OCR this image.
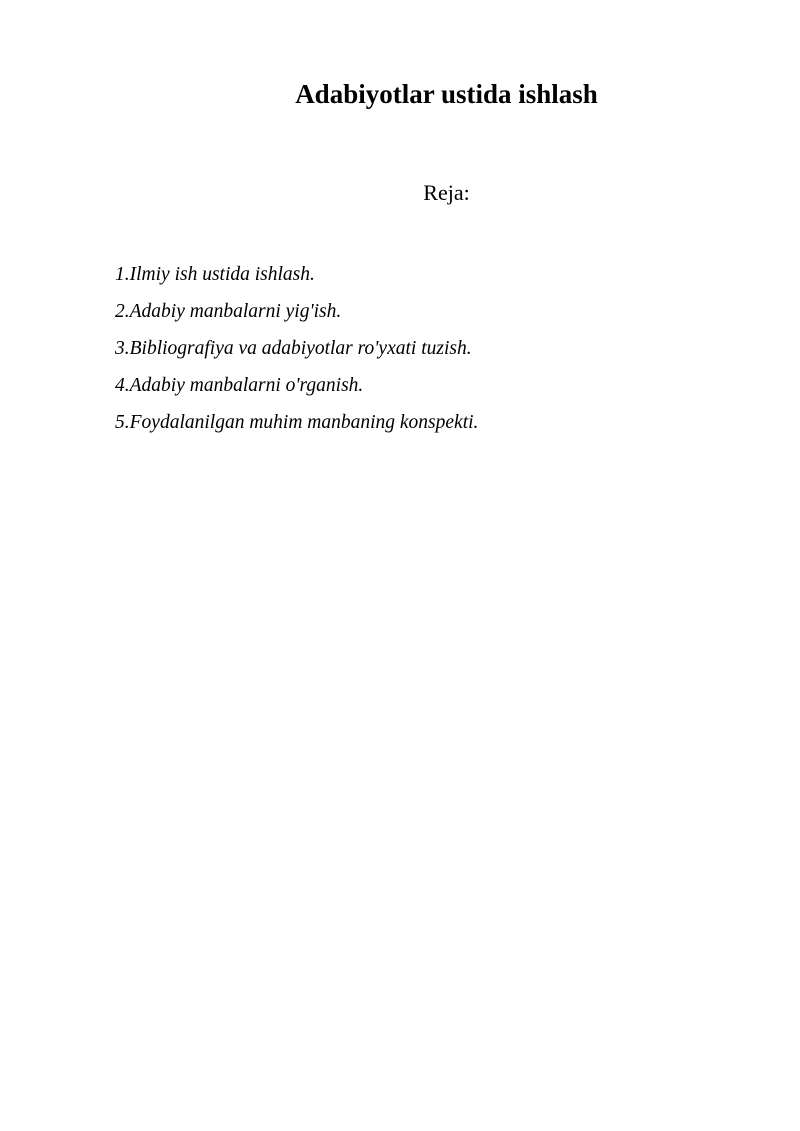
Adabiyotlar ustida ishlash
Reja:
1.Ilmiy ish ustida ishlash.
2.Adabiy manbalarni yig'ish.
3.Bibliografiya va adabiyotlar ro'yxati tuzish.
4.Adabiy manbalarni o'rganish.
5.Foydalanilgan muhim manbaning konspekti.
